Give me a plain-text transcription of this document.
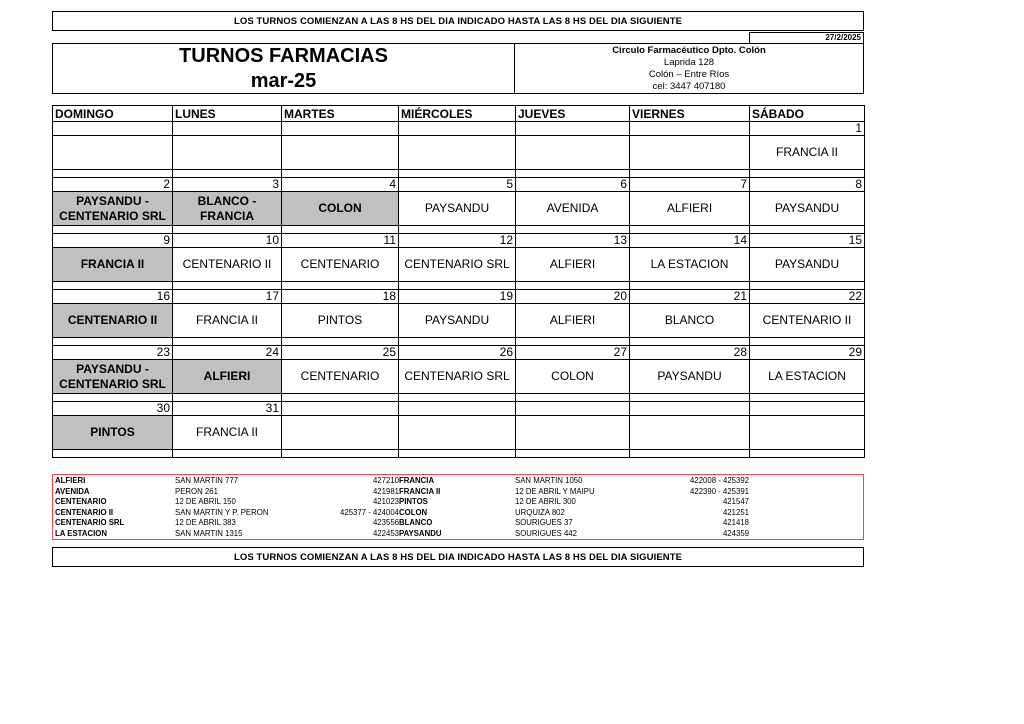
LOS TURNOS COMIENZAN A LAS 8 HS DEL DIA INDICADO HASTA LAS 8 HS DEL DIA SIGUIENTE
27/2/2025
TURNOS FARMACIAS
mar-25
Circulo Farmacéutico Dpto. Colón
Laprida 128
Colón – Entre Ríos
cel: 3447 407180
DOMINGO	LUNES	MARTES	MIÉRCOLES	JUEVES	VIERNES	SÁBADO
						1
						FRANCIA II

2	3	4	5	6	7	8
PAYSANDU - CENTENARIO SRL	BLANCO - FRANCIA	COLON	PAYSANDU	AVENIDA	ALFIERI	PAYSANDU

9	10	11	12	13	14	15
FRANCIA II	CENTENARIO II	CENTENARIO	CENTENARIO SRL	ALFIERI	LA ESTACION	PAYSANDU

16	17	18	19	20	21	22
CENTENARIO II	FRANCIA II	PINTOS	PAYSANDU	ALFIERI	BLANCO	CENTENARIO II

23	24	25	26	27	28	29
PAYSANDU - CENTENARIO SRL	ALFIERI	CENTENARIO	CENTENARIO SRL	COLON	PAYSANDU	LA ESTACION

30	31					
PINTOS	FRANCIA II					

ALFIERI	SAN MARTIN 777	427210
AVENIDA	PERON 261	421981
CENTENARIO	12 DE ABRIL 150	421023
CENTENARIO II	SAN MARTIN Y P. PERON	425377 - 424004
CENTENARIO SRL	12 DE ABRIL 383	423556
LA ESTACION	SAN MARTIN 1315	422453
FRANCIA	SAN MARTIN 1050	422008 - 425392
FRANCIA II	12 DE ABRIL Y MAIPU	422390 - 425391
PINTOS	12 DE ABRIL 300	421547
COLON	URQUIZA 802	421251
BLANCO	SOURIGUES 37	421418
PAYSANDU	SOURIGUES 442	424359
LOS TURNOS COMIENZAN A LAS 8 HS DEL DIA INDICADO HASTA LAS 8 HS DEL DIA SIGUIENTE
